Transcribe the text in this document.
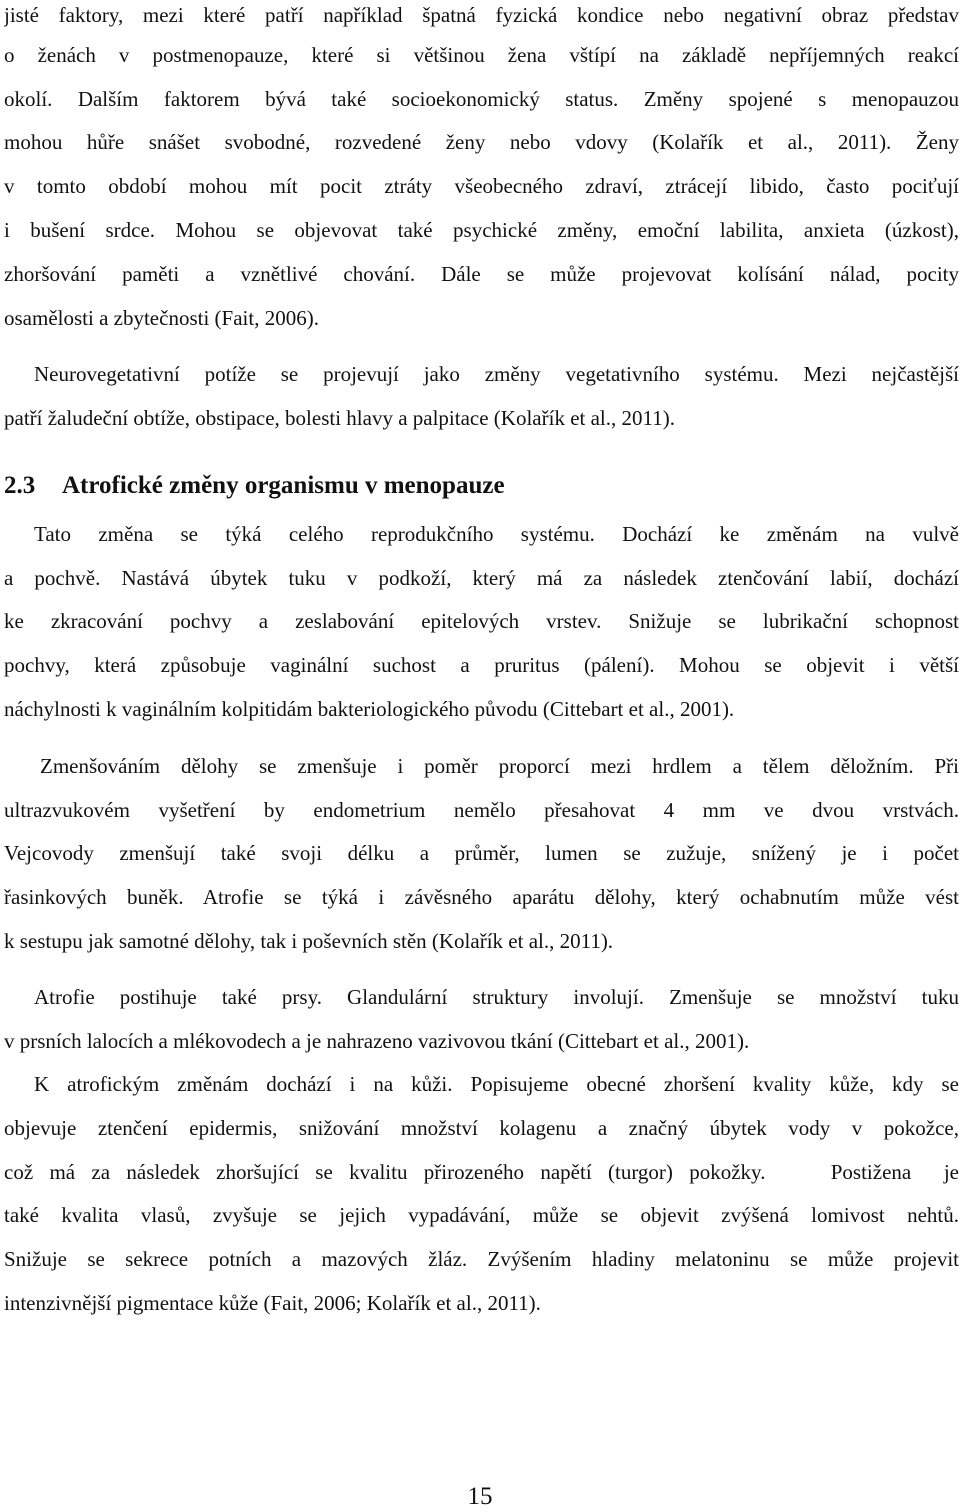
jisté faktory, mezi které patří například špatná fyzická kondice nebo negativní obraz představ
o ženách v postmenopauze, které si většinou žena vštípí na základě nepříjemných reakcí
okolí. Dalším faktorem bývá také socioekonomický status. Změny spojené s menopauzou
mohou hůře snášet svobodné, rozvedené ženy nebo vdovy (Kolařík et al., 2011). Ženy
v tomto období mohou mít pocit ztráty všeobecného zdraví, ztrácejí libido, často pociťují
i bušení srdce. Mohou se objevovat také psychické změny, emoční labilita, anxieta (úzkost),
zhoršování paměti a vznětlivé chování. Dále se může projevovat kolísání nálad, pocity
osamělosti a zbytečnosti (Fait, 2006).
Neurovegetativní potíže se projevují jako změny vegetativního systému. Mezi nejčastější
patří žaludeční obtíže, obstipace, bolesti hlavy a palpitace (Kolařík et al., 2011).
2.3 Atrofické změny organismu v menopauze
Tato změna se týká celého reprodukčního systému. Dochází ke změnám na vulvě
a pochvě. Nastává úbytek tuku v podkoží, který má za následek ztenčování labií, dochází
ke zkracování pochvy a zeslabování epitelových vrstev. Snižuje se lubrikační schopnost
pochvy, která způsobuje vaginální suchost a pruritus (pálení). Mohou se objevit i větší
náchylnosti k vaginálním kolpitidám bakteriologického původu (Cittebart et al., 2001).
Zmenšováním dělohy se zmenšuje i poměr proporcí mezi hrdlem a tělem děložním. Při
ultrazvukovém vyšetření by endometrium nemělo přesahovat 4 mm ve dvou vrstvách.
Vejcovody zmenšují také svoji délku a průměr, lumen se zužuje, snížený je i počet
řasinkových buněk. Atrofie se týká i závěsného aparátu dělohy, který ochabnutím může vést
k sestupu jak samotné dělohy, tak i poševních stěn (Kolařík et al., 2011).
Atrofie postihuje také prsy. Glandulární struktury involují. Zmenšuje se množství tuku
v prsních lalocích a mlékovodech a je nahrazeno vazivovou tkání (Cittebart et al., 2001).
K atrofickým změnám dochází i na kůži. Popisujeme obecné zhoršení kvality kůže, kdy se
objevuje ztenčení epidermis, snižování množství kolagenu a značný úbytek vody v pokožce,
což má za následek zhoršující se kvalitu přirozeného napětí (turgor) pokožky.    Postižena  je
také kvalita vlasů, zvyšuje se jejich vypadávání, může se objevit zvýšená lomivost nehtů.
Snižuje se sekrece potních a mazových žláz. Zvýšením hladiny melatoninu se může projevit
intenzivnější pigmentace kůže (Fait, 2006; Kolařík et al., 2011).
15
